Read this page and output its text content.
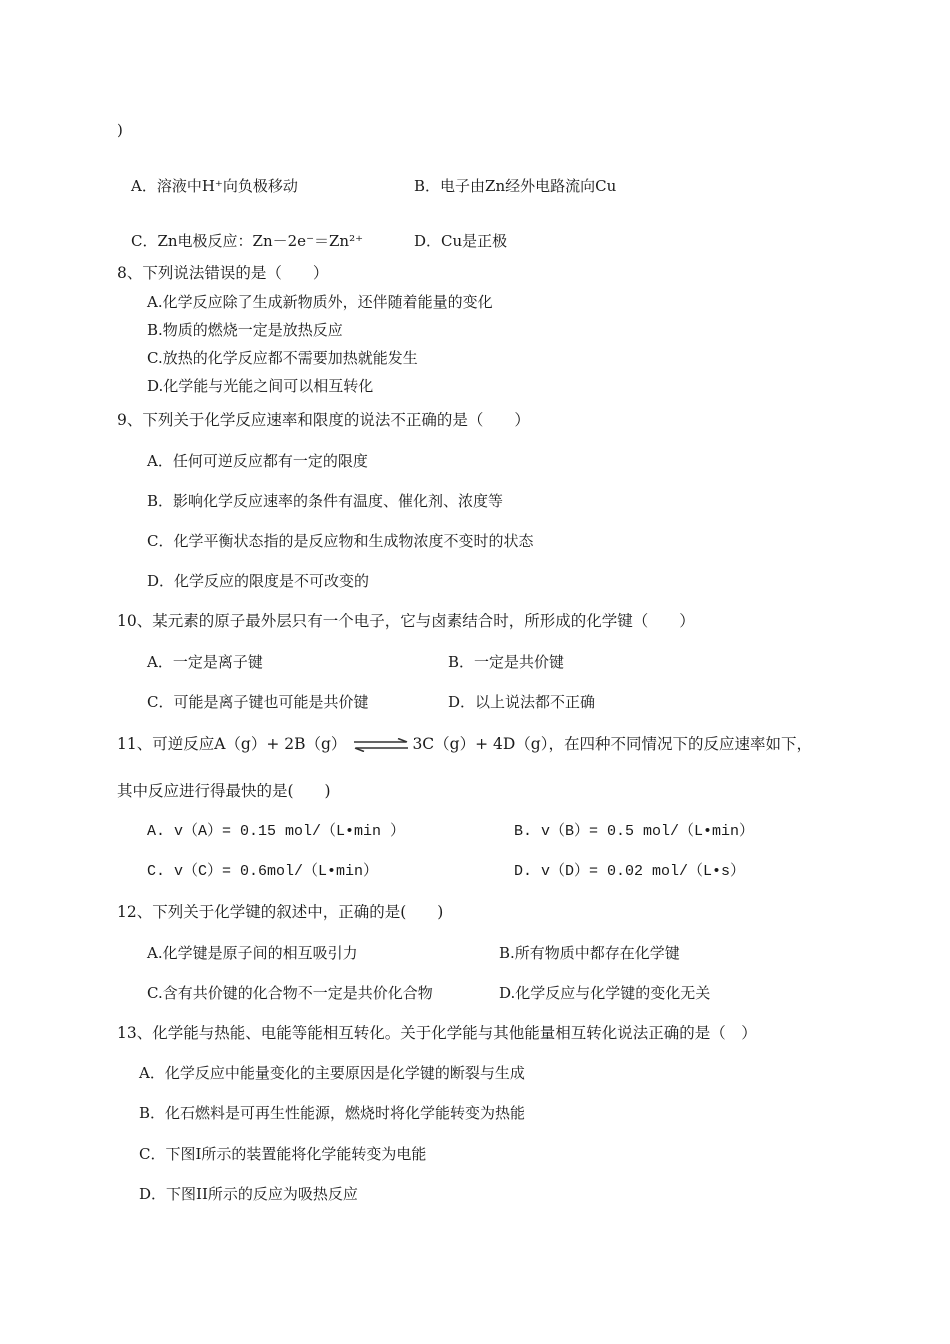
)
A．溶液中H⁺向负极移动	B．电子由Zn经外电路流向Cu
C．Zn电极反应：Zn－2e⁻＝Zn²⁺	D．Cu是正极
8、下列说法错误的是（　　）
A.化学反应除了生成新物质外，还伴随着能量的变化
B.物质的燃烧一定是放热反应
C.放热的化学反应都不需要加热就能发生
D.化学能与光能之间可以相互转化
9、下列关于化学反应速率和限度的说法不正确的是（　　）
A．任何可逆反应都有一定的限度
B．影响化学反应速率的条件有温度、催化剂、浓度等
C．化学平衡状态指的是反应物和生成物浓度不变时的状态
D．化学反应的限度是不可改变的
10、某元素的原子最外层只有一个电子，它与卤素结合时，所形成的化学键（　　）
A．一定是离子键	B．一定是共价键
C．可能是离子键也可能是共价键	D．以上说法都不正确
11、可逆反应A（g）+ 2B（g） ⇌ 3C（g）+ 4D（g），在四种不同情况下的反应速率如下，
其中反应进行得最快的是(　　)
A. v（A）= 0.15 mol/（L•min ）	B. v（B）= 0.5 mol/（L•min）
C. v（C）= 0.6mol/（L•min）	D. v（D）= 0.02 mol/（L•s）
12、下列关于化学键的叙述中，正确的是(　　)
A.化学键是原子间的相互吸引力	B.所有物质中都存在化学键
C.含有共价键的化合物不一定是共价化合物	D.化学反应与化学键的变化无关
13、化学能与热能、电能等能相互转化。关于化学能与其他能量相互转化说法正确的是（　）
A．化学反应中能量变化的主要原因是化学键的断裂与生成
B．化石燃料是可再生性能源，燃烧时将化学能转变为热能
C．下图I所示的装置能将化学能转变为电能
D．下图II所示的反应为吸热反应
